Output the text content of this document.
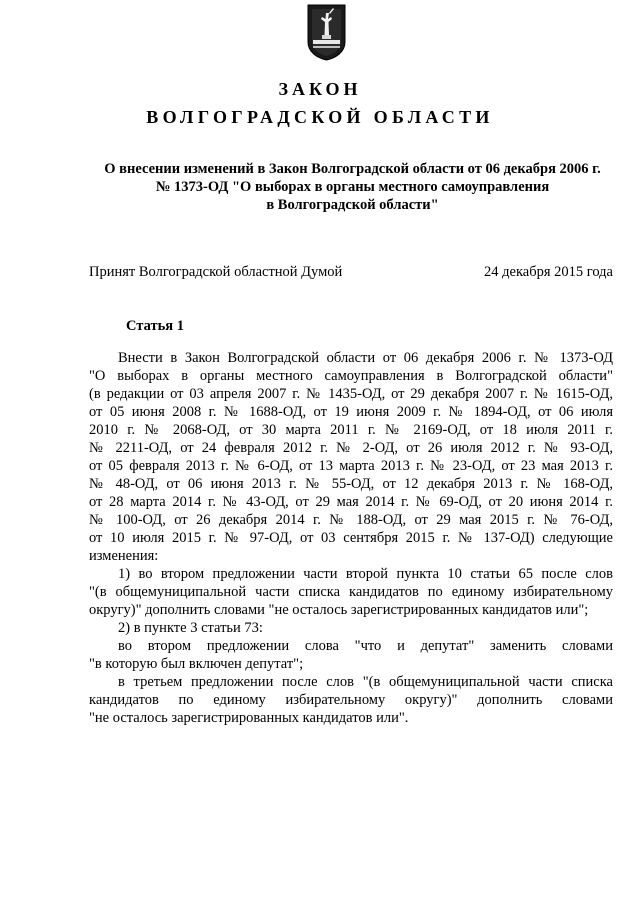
ЗАКОН
ВОЛГОГРАДСКОЙ ОБЛАСТИ
О внесении изменений в Закон Волгоградской области от 06 декабря 2006 г.
№ 1373-ОД "О выборах в органы местного самоуправления
в Волгоградской области"
Принят Волгоградской областной Думой	24 декабря 2015 года
Статья 1
Внести в Закон Волгоградской области от 06 декабря 2006 г. № 1373-ОД
"О выборах в органы местного самоуправления в Волгоградской области"
(в редакции от 03 апреля 2007 г. № 1435-ОД, от 29 декабря 2007 г. № 1615-ОД,
от 05 июня 2008 г. № 1688-ОД, от 19 июня 2009 г. № 1894-ОД, от 06 июля
2010 г. № 2068-ОД, от 30 марта 2011 г. № 2169-ОД, от 18 июля 2011 г.
№ 2211-ОД, от 24 февраля 2012 г. № 2-ОД, от 26 июля 2012 г. № 93-ОД,
от 05 февраля 2013 г. № 6-ОД, от 13 марта 2013 г. № 23-ОД, от 23 мая 2013 г.
№ 48-ОД, от 06 июня 2013 г. № 55-ОД, от 12 декабря 2013 г. № 168-ОД,
от 28 марта 2014 г. № 43-ОД, от 29 мая 2014 г. № 69-ОД, от 20 июня 2014 г.
№ 100-ОД, от 26 декабря 2014 г. № 188-ОД, от 29 мая 2015 г. № 76-ОД,
от 10 июля 2015 г. № 97-ОД, от 03 сентября 2015 г. № 137-ОД) следующие
изменения:
1) во втором предложении части второй пункта 10 статьи 65 после слов
"(в общемуниципальной части списка кандидатов по единому избирательному
округу)" дополнить словами "не осталось зарегистрированных кандидатов или";
2) в пункте 3 статьи 73:
во втором предложении слова "что и депутат" заменить словами
"в которую был включен депутат";
в третьем предложении после слов "(в общемуниципальной части списка
кандидатов по единому избирательному округу)" дополнить словами
"не осталось зарегистрированных кандидатов или".
